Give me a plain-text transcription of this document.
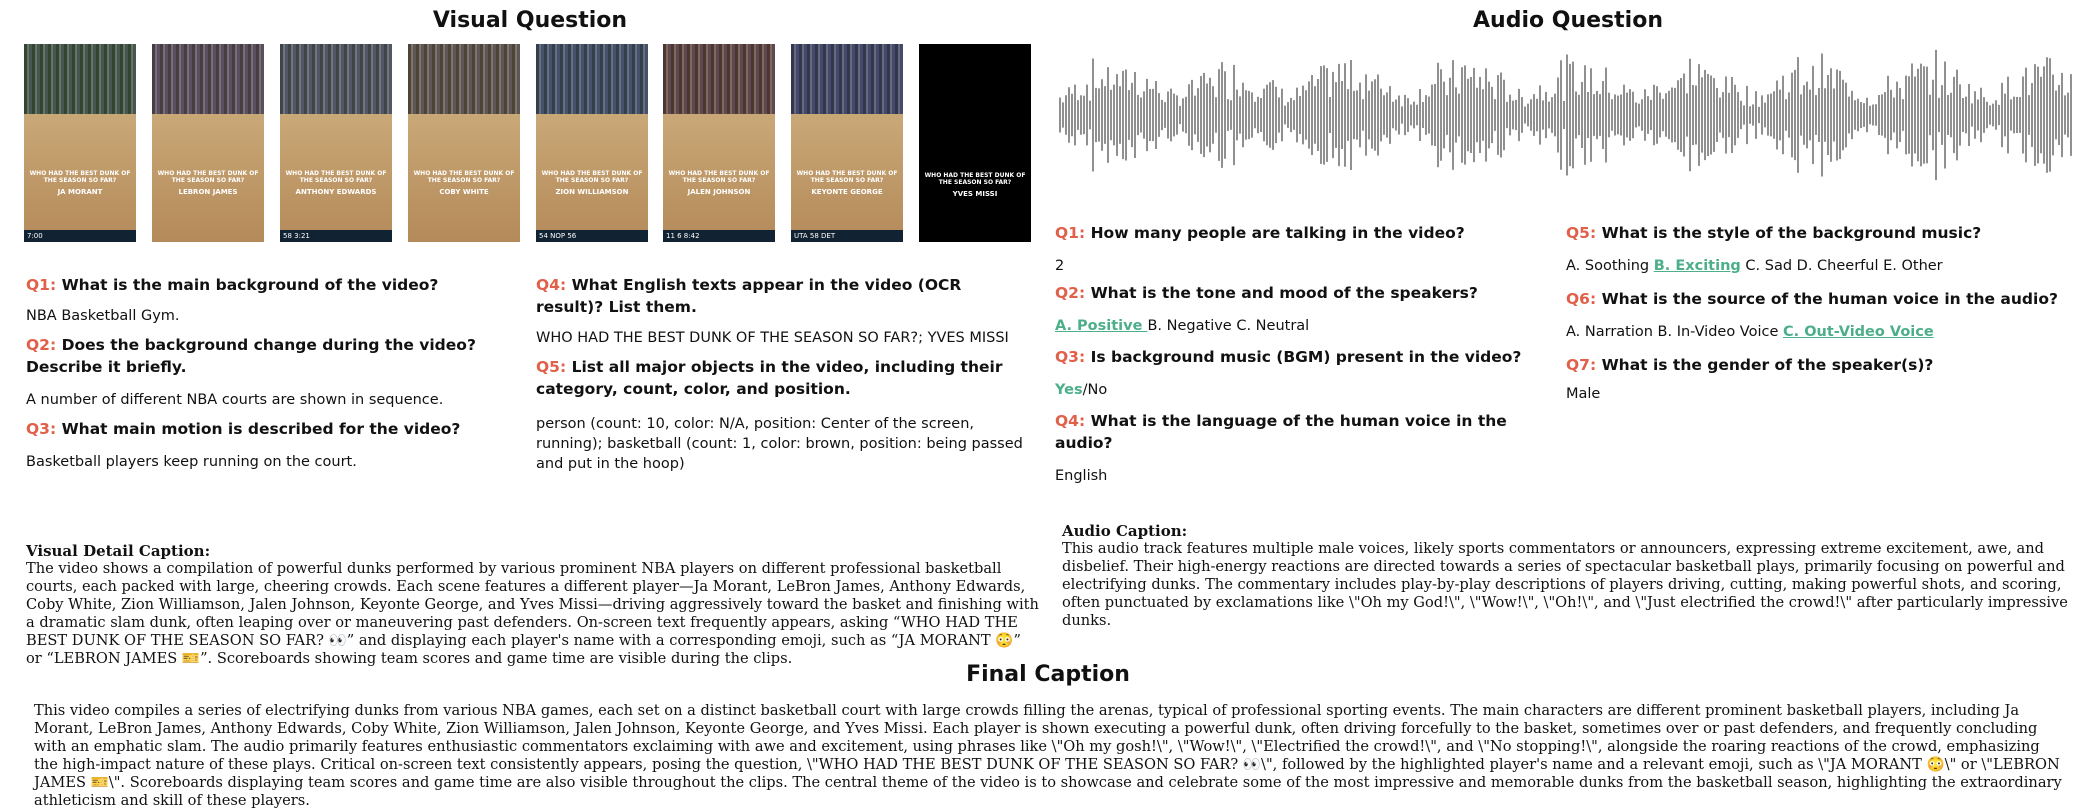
Visual Question	Audio Question
WHO HAD THE BEST DUNK OF THE SEASON SO FAR?
JA MORANT
7:00
WHO HAD THE BEST DUNK OF THE SEASON SO FAR?
LEBRON JAMES
WHO HAD THE BEST DUNK OF THE SEASON SO FAR?
ANTHONY EDWARDS
58 3:21
WHO HAD THE BEST DUNK OF THE SEASON SO FAR?
COBY WHITE
WHO HAD THE BEST DUNK OF THE SEASON SO FAR?
ZION WILLIAMSON
54 NOP 56
WHO HAD THE BEST DUNK OF THE SEASON SO FAR?
JALEN JOHNSON
11 6 8:42
WHO HAD THE BEST DUNK OF THE SEASON SO FAR?
KEYONTE GEORGE
UTA 58 DET
WHO HAD THE BEST DUNK OF THE SEASON SO FAR?
YVES MISSI
Q1: What is the main background of the video?
NBA Basketball Gym.
Q2: Does the background change during the video? Describe it briefly.
A number of different NBA courts are shown in sequence.
Q3: What main motion is described for the video?
Basketball players keep running on the court.
Q4: What English texts appear in the video (OCR result)? List them.
WHO HAD THE BEST DUNK OF THE SEASON SO FAR?; YVES MISSI
Q5: List all major objects in the video, including their category, count, color, and position.
person (count: 10, color: N/A, position: Center of the screen, running); basketball (count: 1, color: brown, position: being passed and put in the hoop)
Q1: How many people are talking in the video?
2
Q2: What is the tone and mood of the speakers?
A. Positive B. Negative C. Neutral
Q3: Is background music (BGM) present in the video?
Yes/No
Q4: What is the language of the human voice in the audio?
English
Q5: What is the style of the background music?
A. Soothing B. Exciting C. Sad D. Cheerful E. Other
Q6: What is the source of the human voice in the audio?
A. Narration B. In-Video Voice C. Out-Video Voice
Q7: What is the gender of the speaker(s)?
Male
Visual Detail Caption:
The video shows a compilation of powerful dunks performed by various prominent NBA players on different professional basketball courts, each packed with large, cheering crowds. Each scene features a different player—Ja Morant, LeBron James, Anthony Edwards, Coby White, Zion Williamson, Jalen Johnson, Keyonte George, and Yves Missi—driving aggressively toward the basket and finishing with a dramatic slam dunk, often leaping over or maneuvering past defenders. On-screen text frequently appears, asking “WHO HAD THE BEST DUNK OF THE SEASON SO FAR? 👀” and displaying each player's name with a corresponding emoji, such as “JA MORANT 😳” or “LEBRON JAMES 🎫”. Scoreboards showing team scores and game time are visible during the clips.
Audio Caption:
This audio track features multiple male voices, likely sports commentators or announcers, expressing extreme excitement, awe, and disbelief. Their high-energy reactions are directed towards a series of spectacular basketball plays, primarily focusing on powerful and electrifying dunks. The commentary includes play-by-play descriptions of players driving, cutting, making powerful shots, and scoring, often punctuated by exclamations like \"Oh my God!\", \"Wow!\", \"Oh!\", and \"Just electrified the crowd!\" after particularly impressive dunks.
Final Caption
This video compiles a series of electrifying dunks from various NBA games, each set on a distinct basketball court with large crowds filling the arenas, typical of professional sporting events. The main characters are different prominent basketball players, including Ja Morant, LeBron James, Anthony Edwards, Coby White, Zion Williamson, Jalen Johnson, Keyonte George, and Yves Missi. Each player is shown executing a powerful dunk, often driving forcefully to the basket, sometimes over or past defenders, and frequently concluding with an emphatic slam. The audio primarily features enthusiastic commentators exclaiming with awe and excitement, using phrases like \"Oh my gosh!\", \"Wow!\", \"Electrified the crowd!\", and \"No stopping!\", alongside the roaring reactions of the crowd, emphasizing the high-impact nature of these plays. Critical on-screen text consistently appears, posing the question, \"WHO HAD THE BEST DUNK OF THE SEASON SO FAR? 👀\", followed by the highlighted player's name and a relevant emoji, such as \"JA MORANT 😳\" or \"LEBRON JAMES 🎫\". Scoreboards displaying team scores and game time are also visible throughout the clips. The central theme of the video is to showcase and celebrate some of the most impressive and memorable dunks from the basketball season, highlighting the extraordinary athleticism and skill of these players.
